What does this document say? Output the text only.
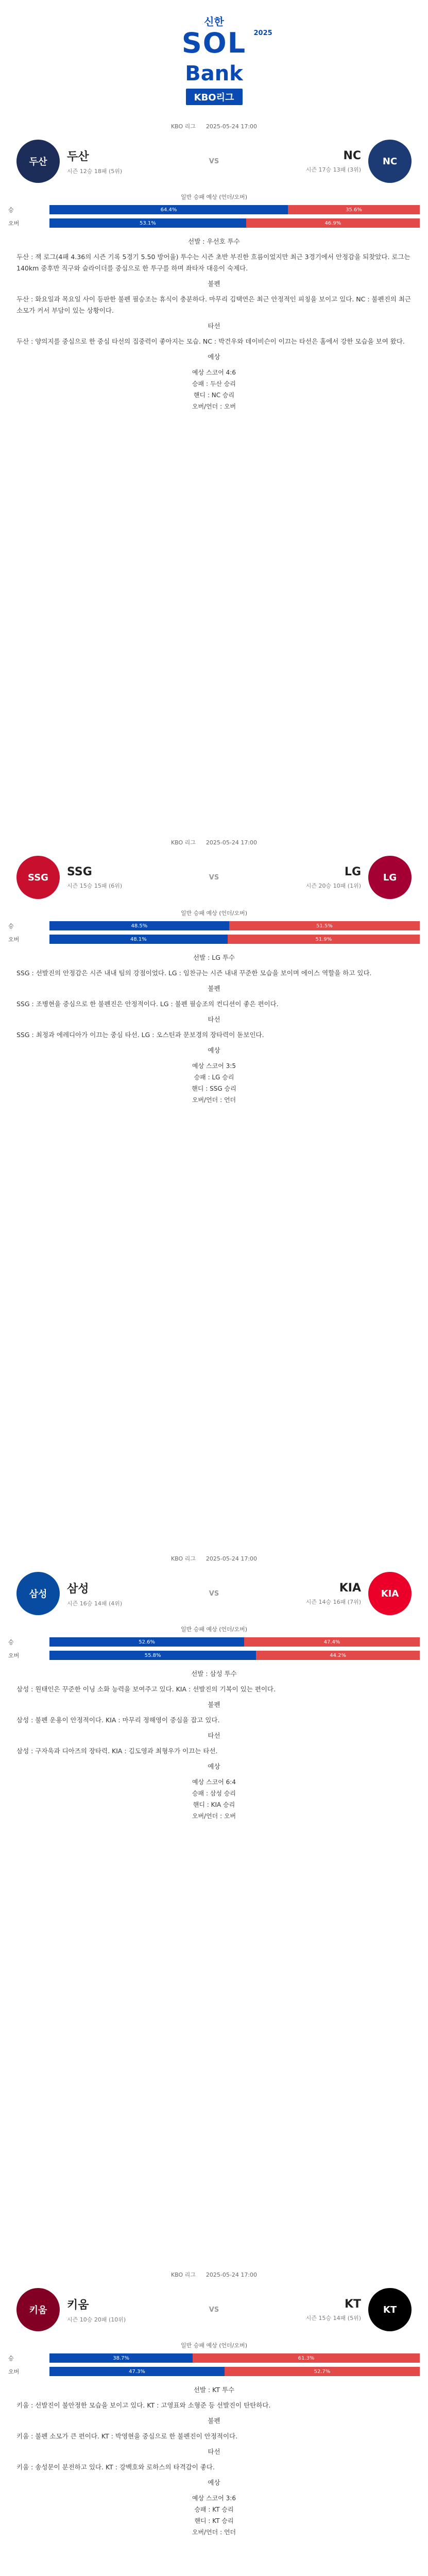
신한
SOL	2025
Bank
KBO리그
KBO 리그 2025-05-24 17:00
두산	두산
시즌 12승 18패 (5위)
VS	NC
시즌 17승 13패 (3위)
NC
일반 승패 예상 (언더/오버)
승	64.4%	35.6%
오버	53.1%	46.9%

선발 : 우선호 투수

두산 : 잭 로그(4패 4.36의 시즌 기록 5경기 5.50 방어율) 투수는 시즌 초반 부진한 흐름이었지만 최근 3경기에서 안정감을 되찾았다. 로그는 140km 중후반 직구와 슬라이더를 중심으로 한 투구를 하며 좌타자 대응이 숙제다.

불펜

두산 : 화요일과 목요일 사이 등판한 불펜 필승조는 휴식이 충분하다. 마무리 김택연은 최근 안정적인 피칭을 보이고 있다. NC : 불펜진의 최근 소모가 커서 부담이 있는 상황이다.

타선

두산 : 양의지를 중심으로 한 중심 타선의 집중력이 좋아지는 모습. NC : 박건우와 데이비슨이 이끄는 타선은 홈에서 강한 모습을 보여 왔다.

예상

예상 스코어 4:6
승패 : 두산 승리
핸디 : NC 승리
오버/언더 : 오버
KBO 리그 2025-05-24 17:00
SSG	SSG
시즌 15승 15패 (6위)
VS	LG
시즌 20승 10패 (1위)
LG
일반 승패 예상 (언더/오버)
승	48.5%	51.5%
오버	48.1%	51.9%

선발 : LG 투수

SSG : 선발진의 안정감은 시즌 내내 팀의 강점이었다. LG : 임찬규는 시즌 내내 꾸준한 모습을 보이며 에이스 역할을 하고 있다.

불펜

SSG : 조병현을 중심으로 한 불펜진은 안정적이다. LG : 불펜 필승조의 컨디션이 좋은 편이다.

타선

SSG : 최정과 에레디아가 이끄는 중심 타선. LG : 오스틴과 문보경의 장타력이 돋보인다.

예상

예상 스코어 3:5
승패 : LG 승리
핸디 : SSG 승리
오버/언더 : 언더
KBO 리그 2025-05-24 17:00
삼성	삼성
시즌 16승 14패 (4위)
VS	KIA
시즌 14승 16패 (7위)
KIA
일반 승패 예상 (언더/오버)
승	52.6%	47.4%
오버	55.8%	44.2%

선발 : 삼성 투수

삼성 : 원태인은 꾸준한 이닝 소화 능력을 보여주고 있다. KIA : 선발진의 기복이 있는 편이다.

불펜

삼성 : 불펜 운용이 안정적이다. KIA : 마무리 정해영이 중심을 잡고 있다.

타선

삼성 : 구자욱과 디아즈의 장타력. KIA : 김도영과 최형우가 이끄는 타선.

예상

예상 스코어 6:4
승패 : 삼성 승리
핸디 : KIA 승리
오버/언더 : 오버
KBO 리그 2025-05-24 17:00
키움	키움
시즌 10승 20패 (10위)
VS	KT
시즌 15승 14패 (5위)
KT
일반 승패 예상 (언더/오버)
승	38.7%	61.3%
오버	47.3%	52.7%

선발 : KT 투수

키움 : 선발진이 불안정한 모습을 보이고 있다. KT : 고영표와 소형준 등 선발진이 탄탄하다.

불펜

키움 : 불펜 소모가 큰 편이다. KT : 박영현을 중심으로 한 불펜진이 안정적이다.

타선

키움 : 송성문이 분전하고 있다. KT : 강백호와 로하스의 타격감이 좋다.

예상

예상 스코어 3:6
승패 : KT 승리
핸디 : KT 승리
오버/언더 : 언더
